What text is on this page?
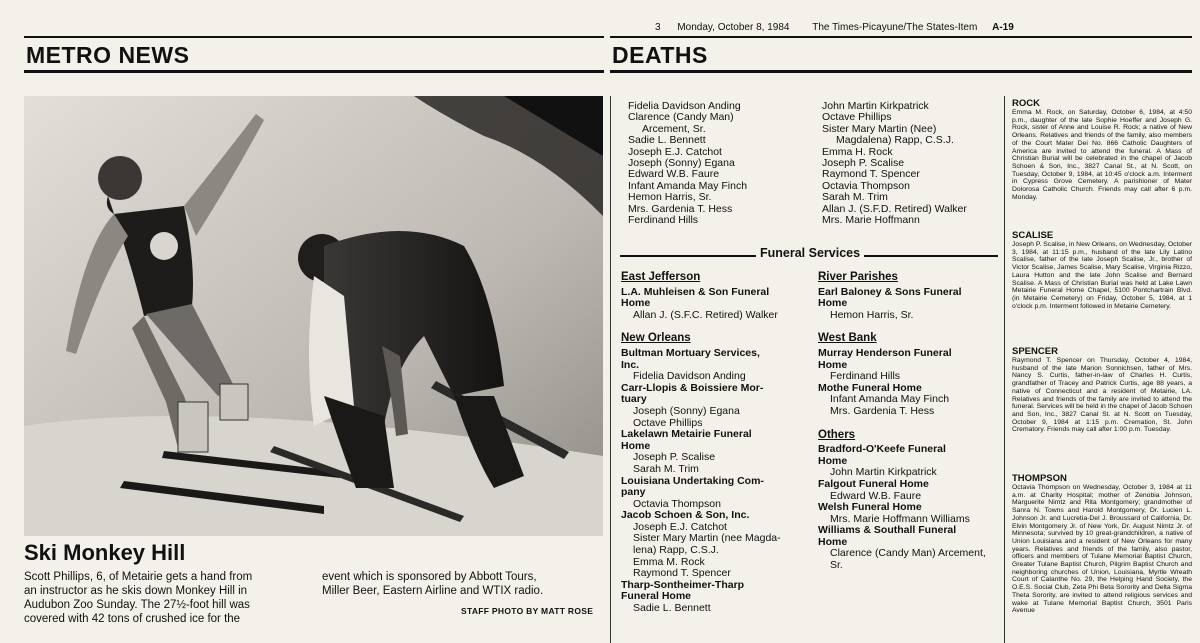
3 Monday, October 8, 1984 The Times-Picayune/The States-Item A-19
METRO NEWS	DEATHS
Ski Monkey Hill
Scott Phillips, 6, of Metairie gets a hand from
an instructor as he skis down Monkey Hill in
Audubon Zoo Sunday. The 27½-foot hill was
covered with 42 tons of crushed ice for the
event which is sponsored by Abbott Tours,
Miller Beer, Eastern Airline and WTIX radio.
STAFF PHOTO BY MATT ROSE
Fidelia Davidson Anding
Clarence (Candy Man)
Arcement, Sr.
Sadie L. Bennett
Joseph E.J. Catchot
Joseph (Sonny) Egana
Edward W.B. Faure
Infant Amanda May Finch
Hemon Harris, Sr.
Mrs. Gardenia T. Hess
Ferdinand Hills
John Martin Kirkpatrick
Octave Phillips
Sister Mary Martin (Nee)
Magdalena) Rapp, C.S.J.
Emma H. Rock
Joseph P. Scalise
Raymond T. Spencer
Octavia Thompson
Sarah M. Trim
Allan J. (S.F.D. Retired) Walker
Mrs. Marie Hoffmann
Funeral Services
East Jefferson
L.A. Muhleisen & Son Funeral
Home
Allan J. (S.F.C. Retired) Walker
New Orleans
Bultman Mortuary Services,
Inc.
Fidelia Davidson Anding
Carr-Llopis & Boissiere Mor-
tuary
Joseph (Sonny) Egana
Octave Phillips
Lakelawn Metairie Funeral
Home
Joseph P. Scalise
Sarah M. Trim
Louisiana Undertaking Com-
pany
Octavia Thompson
Jacob Schoen & Son, Inc.
Joseph E.J. Catchot
Sister Mary Martin (nee Magda-
lena) Rapp, C.S.J.
Emma M. Rock
Raymond T. Spencer
Tharp-Sontheimer-Tharp
Funeral Home
Sadie L. Bennett
River Parishes
Earl Baloney & Sons Funeral
Home
Hemon Harris, Sr.
West Bank
Murray Henderson Funeral
Home
Ferdinand Hills
Mothe Funeral Home
Infant Amanda May Finch
Mrs. Gardenia T. Hess
Others
Bradford-O'Keefe Funeral
Home
John Martin Kirkpatrick
Falgout Funeral Home
Edward W.B. Faure
Welsh Funeral Home
Mrs. Marie Hoffmann Williams
Williams & Southall Funeral
Home
Clarence (Candy Man) Arcement,
Sr.
ROCK
Emma M. Rock, on Saturday, October 6, 1984, at 4:50 p.m., daughter of the late Sophie Hoeffer and Joseph G. Rock, sister of Anne and Louise R. Rock; a native of New Orleans. Relatives and friends of the family, also members of the Court Mater Dei No. 866 Catholic Daughters of America are invited to attend the funeral. A Mass of Christian Burial will be celebrated in the chapel of Jacob Schoen & Son, Inc., 3827 Canal St., at N. Scott, on Tuesday, October 9, 1984, at 10:45 o'clock a.m. Interment in Cypress Grove Cemetery. A parishioner of Mater Dolorosa Catholic Church. Friends may call after 6 p.m. Monday.
SCALISE
Joseph P. Scalise, in New Orleans, on Wednesday, October 3, 1984, at 11:15 p.m., husband of the late Lily Latino Scalise, father of the late Joseph Scalise, Jr., brother of Victor Scalise, James Scalise, Mary Scalise, Virginia Rizzo, Laura Hutton and the late John Scalise and Bernard Scalise. A Mass of Christian Burial was held at Lake Lawn Metairie Funeral Home Chapel, 5100 Pontchartrain Blvd. (in Metairie Cemetery) on Friday, October 5, 1984, at 1 o'clock p.m. Interment followed in Metairie Cemetery.
SPENCER
Raymond T. Spencer on Thursday, October 4, 1984, husband of the late Marion Sonnichsen, father of Mrs. Nancy S. Curtis, father-in-law of Charles H. Curtis, grandfather of Tracey and Patrick Curtis, age 88 years, a native of Connecticut and a resident of Metairie, LA. Relatives and friends of the family are invited to attend the funeral. Services will be held in the chapel of Jacob Schoen and Son, Inc., 3827 Canal St. at N. Scott on Tuesday, October 9, 1984 at 1:15 p.m. Cremation, St. John Crematory. Friends may call after 1:00 p.m. Tuesday.
THOMPSON
Octavia Thompson on Wednesday, October 3, 1984 at 11 a.m. at Charity Hospital; mother of Zenobia Johnson, Marguerite Nimtz and Rita Montgomery; grandmother of Sanra N. Towns and Harold Montgomery, Dr. Lucien L. Johnson Jr. and Lucretia-Del J. Broussard of California, Dr. Elvin Montgomery Jr. of New York, Dr. August Nimtz Jr. of Minnesota; survived by 10 great-grandchildren, a native of Union Louisiana and a resident of New Orleans for many years. Relatives and friends of the family, also pastor, officers and members of Tulane Memorial Baptist Church, Greater Tulane Baptist Church, Pilgrim Baptist Church and neighboring churches of Union, Louisiana, Myrtle Wreath Court of Calanthe No. 29, the Helping Hand Society, the O.E.S. Social Club, Zeta Phi Beta Sorority and Delta Sigma Theta Sorority, are invited to attend religious services and wake at Tulane Memorial Baptist Church, 3501 Paris Avenue
